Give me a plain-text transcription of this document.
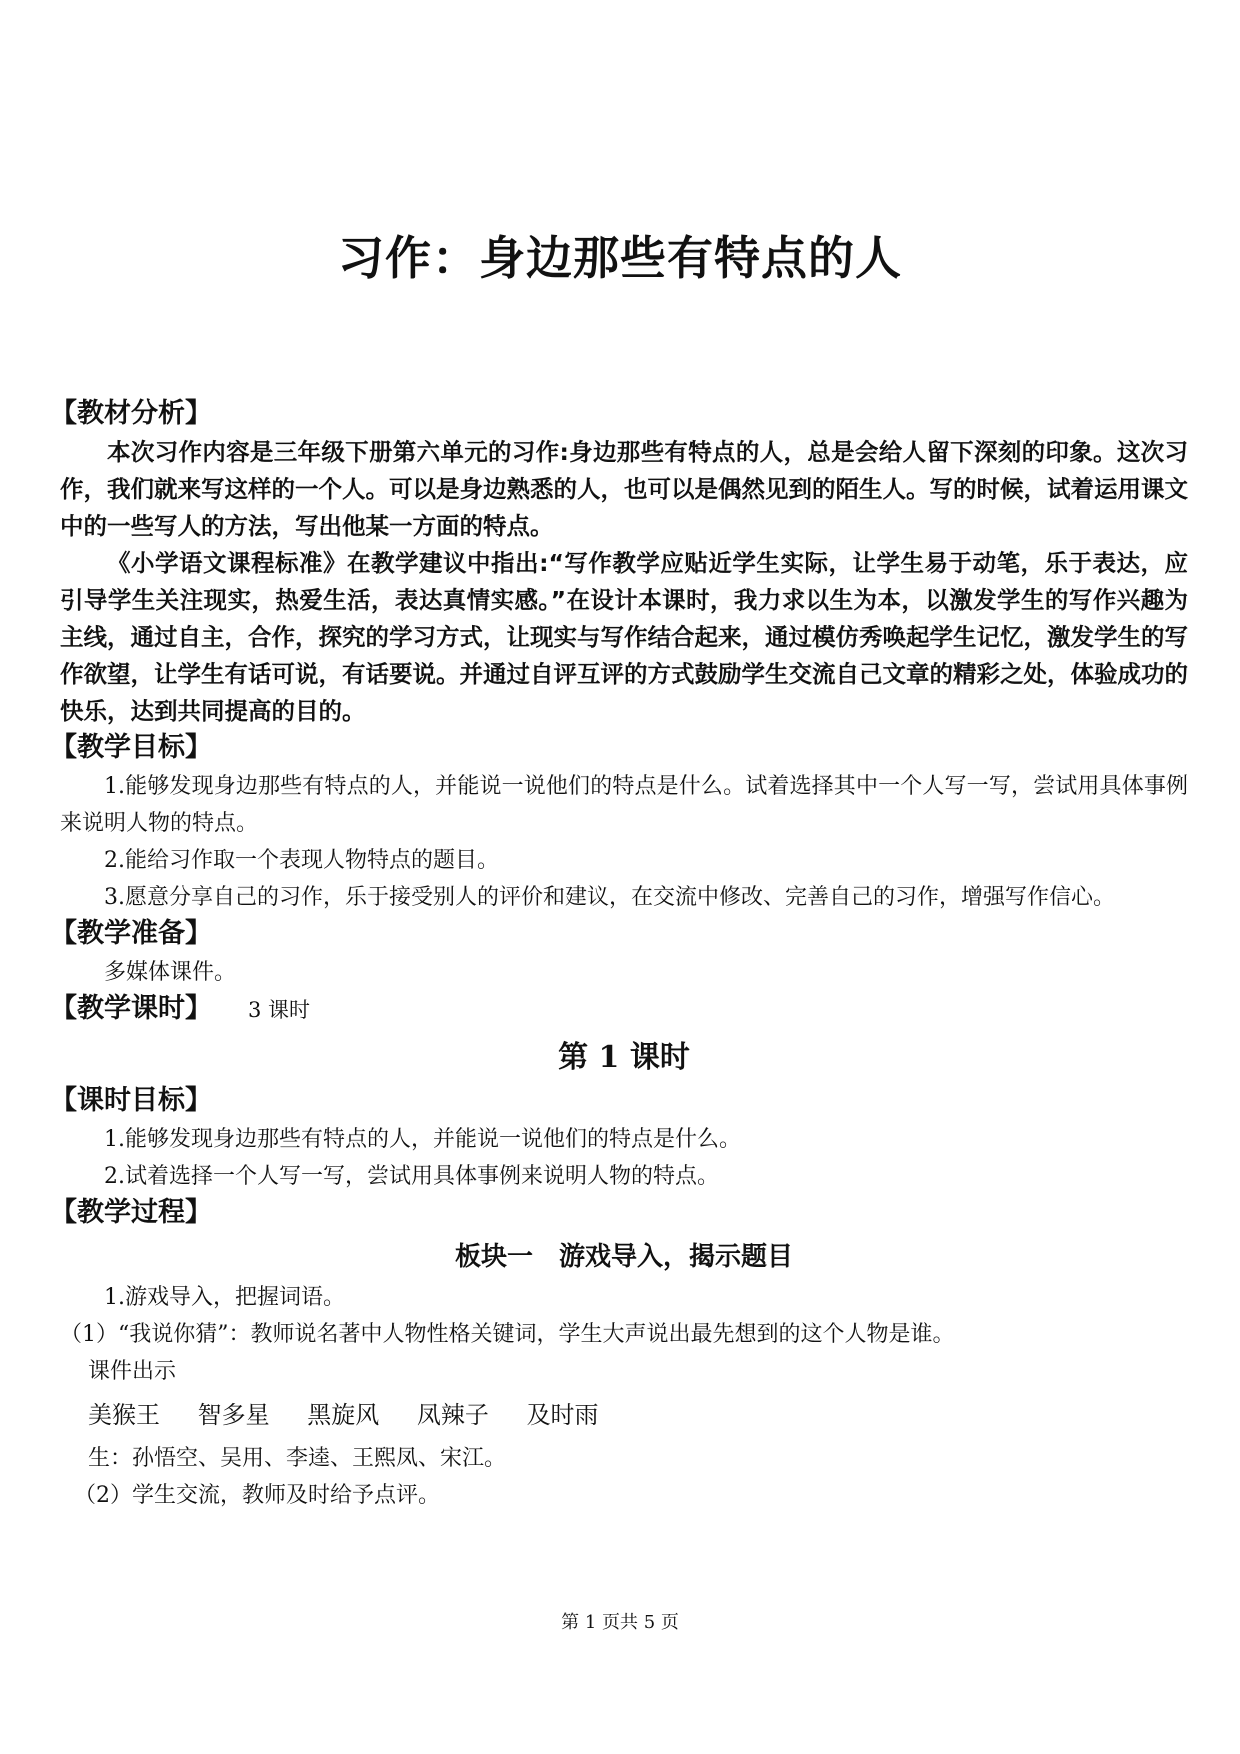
习作：身边那些有特点的人
【教材分析】

本次习作内容是三年级下册第六单元的习作:身边那些有特点的人，总是会给人留下深刻的印象。这次习作，我们就来写这样的一个人。可以是身边熟悉的人，也可以是偶然见到的陌生人。写的时候，试着运用课文中的一些写人的方法，写出他某一方面的特点。

《小学语文课程标准》在教学建议中指出:“写作教学应贴近学生实际，让学生易于动笔，乐于表达，应引导学生关注现实，热爱生活，表达真情实感。”在设计本课时，我力求以生为本，以激发学生的写作兴趣为主线，通过自主，合作，探究的学习方式，让现实与写作结合起来，通过模仿秀唤起学生记忆，激发学生的写作欲望，让学生有话可说，有话要说。并通过自评互评的方式鼓励学生交流自己文章的精彩之处，体验成功的快乐，达到共同提高的目的。

【教学目标】

1.能够发现身边那些有特点的人，并能说一说他们的特点是什么。试着选择其中一个人写一写，尝试用具体事例来说明人物的特点。

2.能给习作取一个表现人物特点的题目。

3.愿意分享自己的习作，乐于接受别人的评价和建议，在交流中修改、完善自己的习作，增强写作信心。

【教学准备】

多媒体课件。

【教学课时】 3 课时
第 1 课时
【课时目标】

1.能够发现身边那些有特点的人，并能说一说他们的特点是什么。

2.试着选择一个人写一写，尝试用具体事例来说明人物的特点。

【教学过程】
板块一　游戏导入，揭示题目

1.游戏导入，把握词语。

（1）“我说你猜”：教师说名著中人物性格关键词，学生大声说出最先想到的这个人物是谁。

课件出示

美猴王 智多星 黑旋风 凤辣子 及时雨

生：孙悟空、吴用、李逵、王熙凤、宋江。

（2）学生交流，教师及时给予点评。

第 1 页共 5 页
